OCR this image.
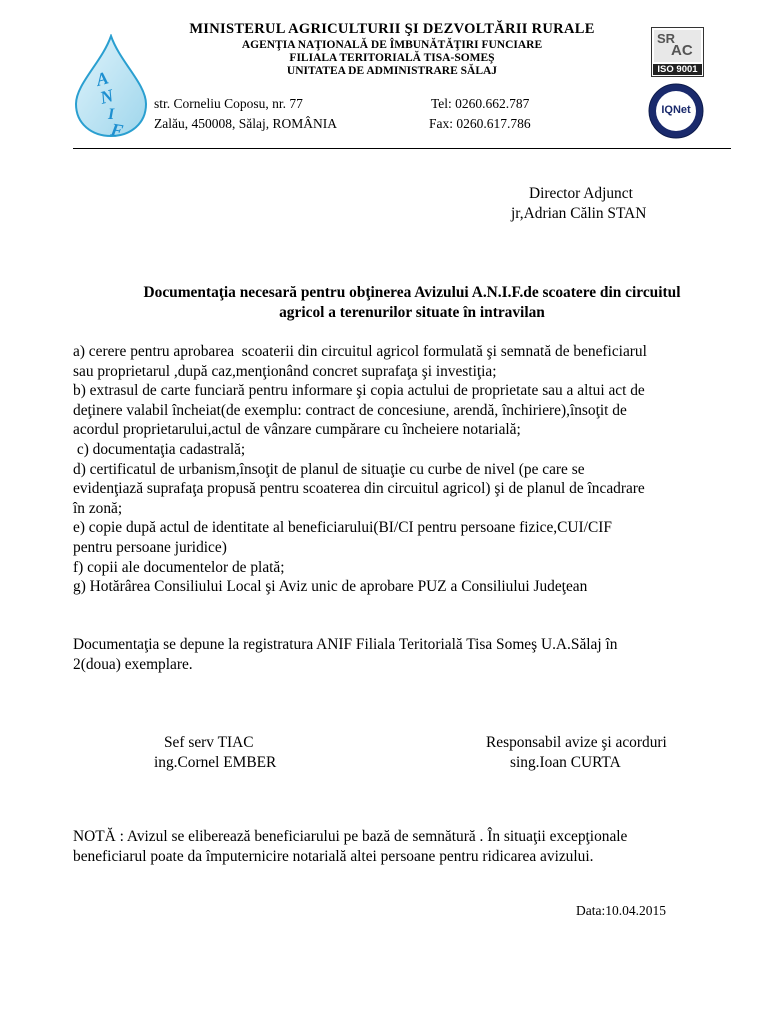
A
N
I
F
MINISTERUL AGRICULTURII ŞI DEZVOLTĂRII RURALE
AGENŢIA NAŢIONALĂ DE ÎMBUNĂTĂŢIRI FUNCIARE
FILIALA TERITORIALĂ TISA-SOMEŞ
UNITATEA DE ADMINISTRARE SĂLAJ
str. Corneliu Coposu, nr. 77
Zalău, 450008, Sălaj, ROMÂNIA
Tel: 0260.662.787
Fax: 0260.617.786
SR
AC
ISO 9001
IQNet
Director Adjunct
jr,Adrian Călin STAN
Documentaţia necesară pentru obţinerea Avizului A.N.I.F.de scoatere din circuitul
agricol a terenurilor situate în intravilan
a) cerere pentru aprobarea  scoaterii din circuitul agricol formulată şi semnată de beneficiarul
sau proprietarul ,după caz,menţionând concret suprafaţa şi investiţia;
b) extrasul de carte funciară pentru informare şi copia actului de proprietate sau a altui act de
deţinere valabil încheiat(de exemplu: contract de concesiune, arendă, închiriere),însoţit de
acordul proprietarului,actul de vânzare cumpărare cu încheiere notarială;
c) documentaţia cadastrală;
d) certificatul de urbanism,însoţit de planul de situaţie cu curbe de nivel (pe care se
evidenţiază suprafaţa propusă pentru scoaterea din circuitul agricol) şi de planul de încadrare
în zonă;
e) copie după actul de identitate al beneficiarului(BI/CI pentru persoane fizice,CUI/CIF
pentru persoane juridice)
f) copii ale documentelor de plată;
g) Hotărârea Consiliului Local şi Aviz unic de aprobare PUZ a Consiliului Judeţean
Documentaţia se depune la registratura ANIF Filiala Teritorială Tisa Someş U.A.Sălaj în
2(doua) exemplare.
Sef serv TIAC
ing.Cornel EMBER
Responsabil avize şi acorduri
sing.Ioan CURTA
NOTĂ : Avizul se eliberează beneficiarului pe bază de semnătură . În situaţii excepţionale
beneficiarul poate da împuternicire notarială altei persoane pentru ridicarea avizului.
Data:10.04.2015
